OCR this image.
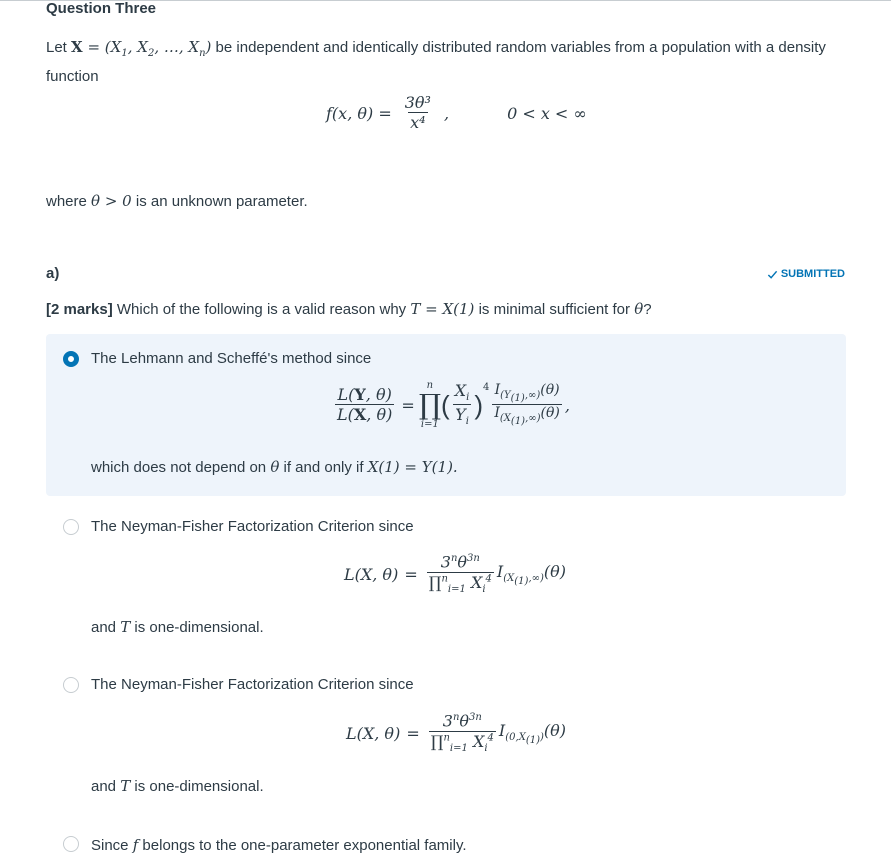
Question Three
Let $X = (X_1$, $X_2$, …, $X_n$) be independent and identically distributed random variables from a population with a density function
f(x, $\theta) = \frac{\text{3θ³}}{\text{x⁴}}$ ,	0 < x < ∞
where θ > 0 is an unknown parameter.
a)	SUBMITTED
[2 marks] Which of the following is a valid reason why T = X(1) is minimal sufficient for θ?
The Lehmann and Scheffé's method since
$\frac{L(Y, \theta)}{L(X, \theta)}$ =
n
∏
i=1
( $\frac{X_i}{Y_i}$ )
$^4 \frac{I_{(Y_{(1)},\infty)}(\theta)}{I_{(X_{(1)},\infty)}(\theta)}$ ,
which does not depend on θ if and only if X(1) = Y(1).
The Neyman-Fisher Factorization Criterion since
L(X, $\theta) = \frac{3^n\theta^{3n}}{\prod^n_{i=1} X_i^4} I_{(X_{(1)},\infty)}(\theta)$
and T is one-dimensional.
The Neyman-Fisher Factorization Criterion since
L(X, $\theta) = \frac{3^n\theta^{3n}}{\prod^n_{i=1} X_i^4} I_{(0,X_{(1)})}(\theta)$
and T is one-dimensional.
Since f belongs to the one-parameter exponential family.
